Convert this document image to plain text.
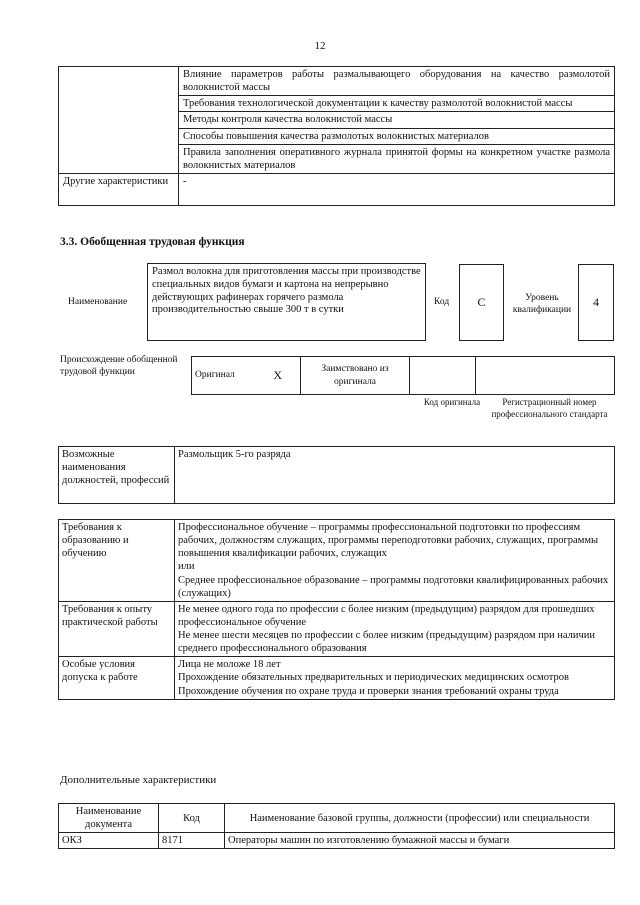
12
	Влияние параметров работы размалывающего оборудования на качество размолотой волокнистой массы
	Требования технологической документации к качеству размолотой волокнистой массы
	Методы контроля качества волокнистой массы
	Способы повышения качества размолотых волокнистых материалов
	Правила заполнения оперативного журнала принятой формы на конкретном участке размола волокнистых материалов
Другие характеристики	-
3.3. Обобщенная трудовая функция
Наименование
Размол волокна для приготовления массы при производстве специальных видов бумаги и картона на непрерывно действующих рафинерах горячего размола производительностью свыше 300 т в сутки
Код	С	Уровень квалификации
4
Происхождение обобщенной трудовой функции	Оригинал	Х	Заимствовано из оригинала		
Код оригинала	Регистрационный номер профессионального стандарта
Возможные наименования должностей, профессий	Размольщик 5-го разряда
Требования к образованию и обучению	Профессиональное обучение – программы профессиональной подготовки по профессиям рабочих, должностям служащих, программы переподготовки рабочих, служащих, программы повышения квалификации рабочих, служащих
или
Среднее профессиональное образование – программы подготовки квалифицированных рабочих (служащих)

Требования к опыту практической работы	Не менее одного года по профессии с более низким (предыдущим) разрядом для прошедших профессиональное обучение
Не менее шести месяцев по профессии с более низким (предыдущим) разрядом при наличии среднего профессионального образования

Особые условия допуска к работе	Лица не моложе 18 лет
Прохождение обязательных предварительных и периодических медицинских осмотров
Прохождение обучения по охране труда и проверки знания требований охраны труда
Дополнительные характеристики
Наименование документа	Код	Наименование базовой группы, должности (профессии) или специальности
ОКЗ	8171	Операторы машин по изготовлению бумажной массы и бумаги
